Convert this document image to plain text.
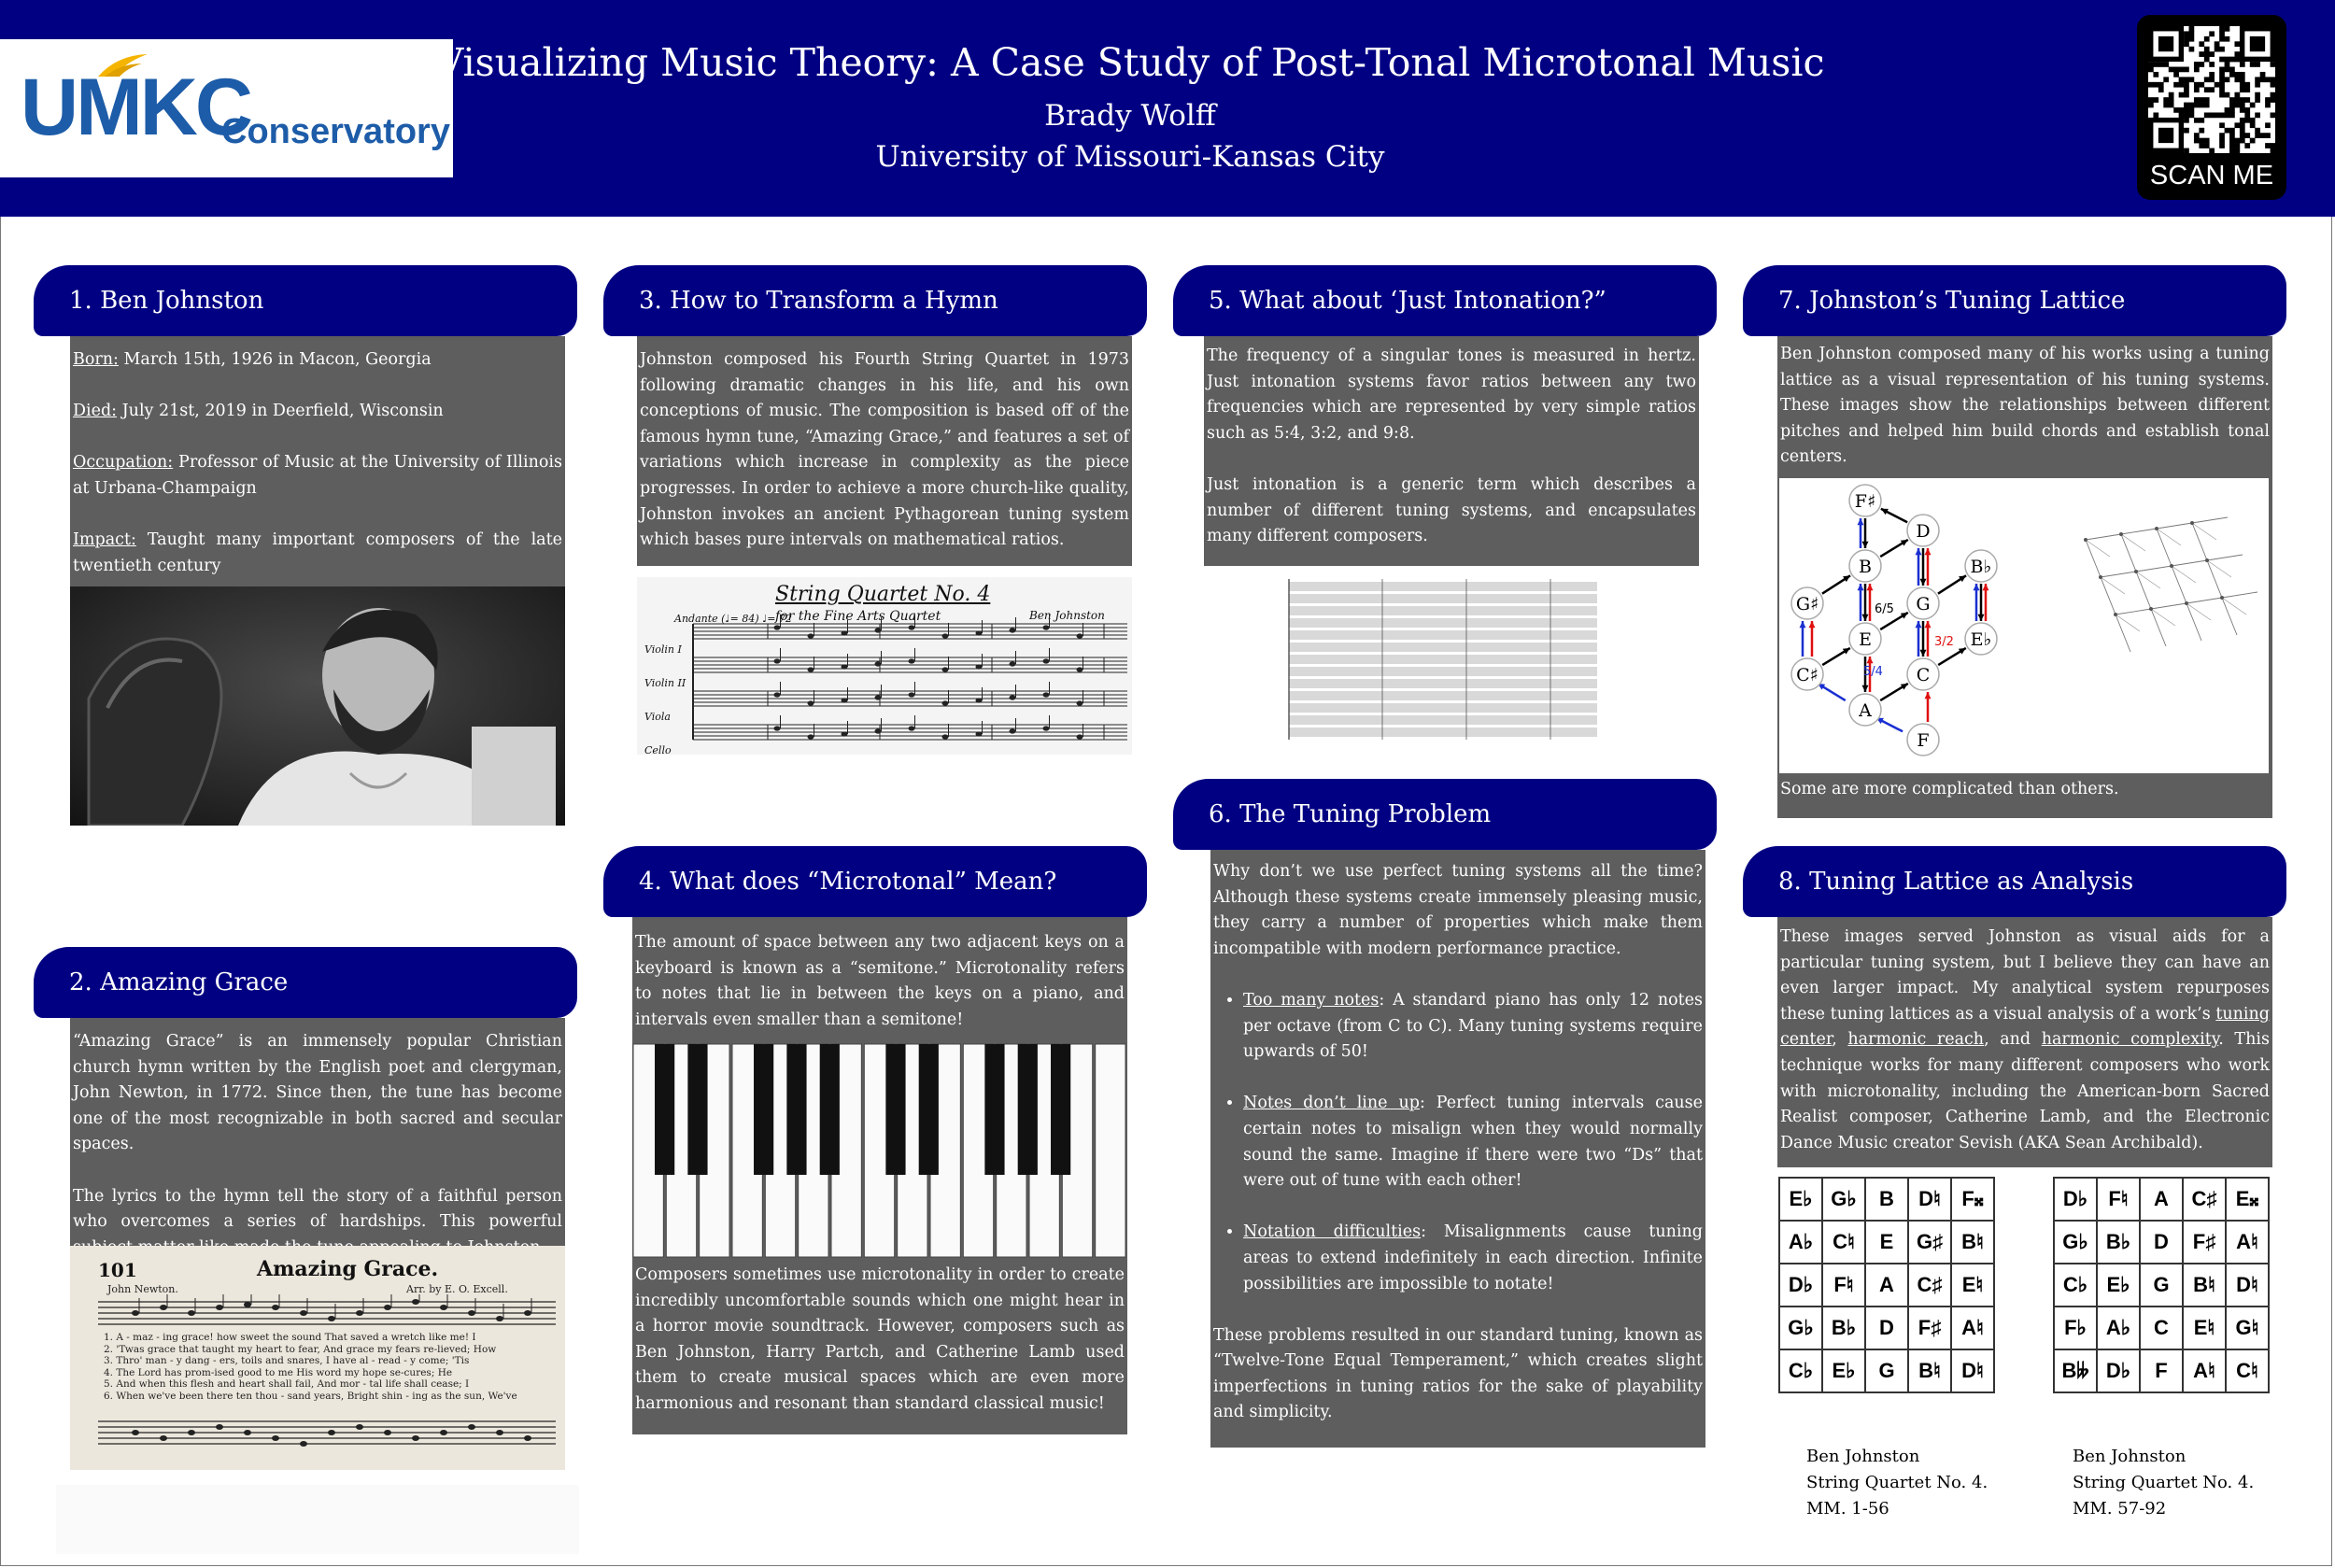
UMKC
Conservatory
Visualizing Music Theory: A Case Study of Post-Tonal Microtonal Music
Brady Wolff
University of Missouri-Kansas City
SCAN ME
1. Ben Johnston

Born: March 15th, 1926 in Macon, Georgia

Died: July 21st, 2019 in Deerfield, Wisconsin

Occupation: Professor of Music at the University of Illinois at Urbana-Champaign

Impact: Taught many important composers of the late twentieth century

2. Amazing Grace

“Amazing Grace” is an immensely popular Christian church hymn written by the English poet and clergyman, John Newton, in 1772. Since then, the tune has become one of the most recognizable in both sacred and secular spaces.

The lyrics to the hymn tell the story of a faithful person who overcomes a series of hardships. This powerful

101	Amazing Grace.
John Newton.	Arr. by E. O. Excell.
1. A - maz - ing grace! how sweet the sound That saved a wretch like me! I
2. 'Twas grace that taught my heart to fear, And grace my fears re-lieved; How
3. Thro' man - y dang - ers, toils and snares, I have al - read - y come; 'Tis
4. The Lord has prom-ised good to me His word my hope se-cures; He
5. And when this flesh and heart shall fail, And mor - tal life shall cease; I
6. When we've been there ten thou - sand years, Bright shin - ing as the sun, We've
3. How to Transform a Hymn

Johnston composed his Fourth String Quartet in 1973 following dramatic changes in his life, and his own conceptions of music. The composition is based off of the famous hymn tune, “Amazing Grace,” and features a set of variations which increase in complexity as the piece progresses. In order to achieve a more church-like quality, Johnston invokes an ancient Pythagorean tuning system which bases pure intervals on mathematical ratios.

String Quartet No. 4
for the Fine Arts Quartet	Ben Johnston
Andante (♩= 84) ♩= 72
Violin I
Violin II
Viola
Cello
4. What does “Microtonal” Mean?

The amount of space between any two adjacent keys on a keyboard is known as a “semitone.” Microtonality refers to notes that lie in between the keys on a piano, and intervals even smaller than a semitone!

Composers sometimes use microtonality in order to create incredibly uncomfortable sounds which one might hear in a horror movie soundtrack. However, composers such as Ben Johnston, Harry Partch, and Catherine Lamb used them to create musical spaces which are even more harmonious and resonant than standard classical music!

5. What about ‘Just Intonation?”

The frequency of a singular tones is measured in hertz. Just intonation systems favor ratios between any two frequencies which are represented by very simple ratios such as 5:4, 3:2, and 9:8.

Just intonation is a generic term which describes a number of different tuning systems, and encapsulates many different composers.

6. The Tuning Problem

Why don’t we use perfect tuning systems all the time? Although these systems create immensely pleasing music, they carry a number of properties which make them incompatible with modern performance practice.

• Too many notes: A standard piano has only 12 notes per octave (from C to C). Many tuning systems require upwards of 50!
• Notes don’t line up: Perfect tuning intervals cause certain notes to misalign when they would normally sound the same. Imagine if there were two “Ds” that were out of tune with each other!
• Notation difficulties: Misalignments cause tuning areas to extend indefinitely in each direction. Infinite possibilities are impossible to notate!

These problems resulted in our standard tuning, known as “Twelve-Tone Equal Temperament,” which creates slight imperfections in tuning ratios for the sake of playability and simplicity.

7. Johnston’s Tuning Lattice

Ben Johnston composed many of his works using a tuning lattice as a visual representation of his tuning systems. These images show the relationships between different pitches and helped him build chords and establish tonal centers.

F♯
D
B	B♭
G♯	G
E	E♭
C♯	C
A
F
6/5
3/2
5/4

Some are more complicated than others.

8. Tuning Lattice as Analysis

These images served Johnston as visual aids for a particular tuning system, but I believe they can have an even larger impact. My analytical system repurposes these tuning lattices as a visual analysis of a work’s tuning center, harmonic reach, and harmonic complexity. This technique works for many different composers who work with microtonality, including the American-born Sacred Realist composer, Catherine Lamb, and the Electronic Dance Music creator Sevish (AKA Sean Archibald).

E♭	G♭	B	D♮	F𝄪
A♭	C♮	E	G♯	B♮
D♭	F♮	A	C♯	E♮
G♭	B♭	D	F♯	A♮
C♭	E♭	G	B♮	D♮
D♭	F♮	A	C♯	E𝄪
G♭	B♭	D	F♯	A♮
C♭	E♭	G	B♮	D♮
F♭	A♭	C	E♮	G♮
B𝄫	D♭	F	A♮	C♮
Ben Johnston
String Quartet No. 4.
MM. 1-56
Ben Johnston
String Quartet No. 4.
MM. 57-92
